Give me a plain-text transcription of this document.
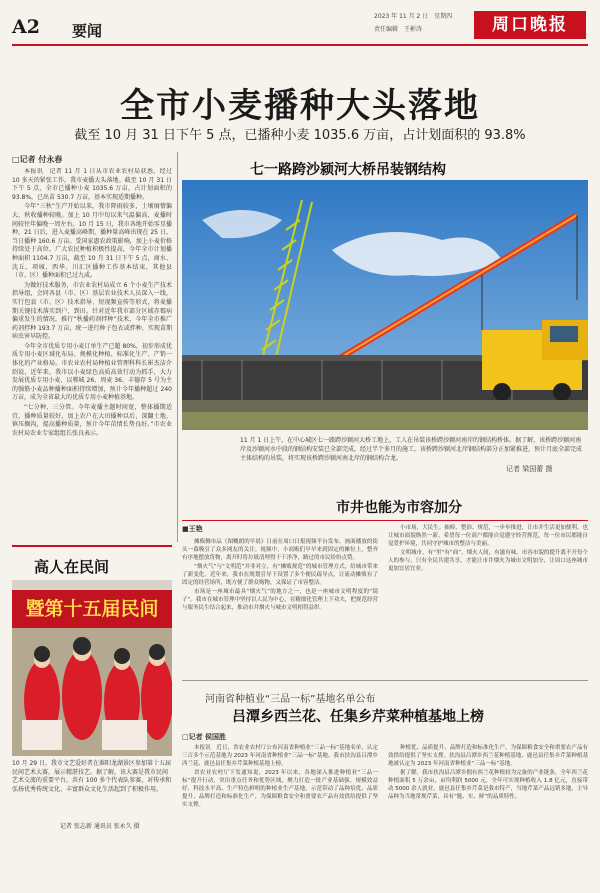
A2 要闻
2023 年 11 月 2 日　星期四
责任编辑　王彬涛	周口晚报
全市小麦播种大头落地
截至 10 月 31 日下午 5 点，已播种小麦 1035.6 万亩，占计划面积的 93.8%
□记者 付永春

本报讯　记者 11 月 1 日从市农业农村局获悉，经过 10 多天的紧张工作，我市麦播大头落地。截至 10 月 31 日下午 5 点，全市已播种小麦 1035.6 万亩，占计划面积的 93.8%，已出苗 530.7 万亩，基本实现适期播种。

今年“三秋”生产开始以来，我市降雨较多，土壤墒情偏大，秋收播种较晚。加上 10 月中旬以来气温偏高，麦播时间较往年偏晚一周左右。10 月 15 日，我市各地开始零星播种，21 日后，进入麦播高峰期，播种量高峰出现在 25 日，当日播种 160.6 万亩。受国家惠农政策影响，加上小麦价格持续处于高位，广大农民种植积极性提高，今年全市计划播种面积 1104.7 万亩，截至 10 月 31 日下午 5 点，商水、沈丘、项城、西华、川汇区播种工作基本结束，其他县（市、区）播种面积已过九成。

为做好技术服务，市农业农村局成立 6 个小麦生产技术指导组，会同各县（市、区）基层农业技术人员深入一线，实行包县（市、区）技术指导、短视频宣传等形式，将麦播期关键技术落实到户、到田。针对近年我市部分区域赤霉病偏重发生的情况，推行“秋播药剂拌种”技术，今年全市推广药剂拌种 193.7 万亩，统一进行种子包衣或拌种，实现苗期病虫害早防控。

今年全市优质专用小麦订单生产已超 80%，初步形成优质专用小麦区域化布局、规模化种植、标准化生产、产销一体化的产业格局。市农业农村局种植业管理科科长崔杰洁介绍说，近年来，我市以小麦绿色高质高效行动为抓手，大力发展优质专用小麦，以郸城 26、周麦 36、丰德存 5 号为主的强筋小麦品种播种面积持续增加，预计今年播种超过 240 万亩，成为全省最大的优质专用小麦种植基地。

“七分种，三分管。今年麦播主题时间宽，整体播期适宜，播种质量较好，加上农户在大田播种以后，深翻土地，镇压搁沟，提高播种质量，预计今年苗情长势良好。”市农业农村局农业专家组组长张良表示。

七一路跨沙颍河大桥吊装钢结构
11 月 1 日上午，在中心城区七一路跨沙颍河大桥工地上，工人在吊装该桥跨沙颍河南岸的钢结构桥体。据了解，该桥跨沙颍河南岸及沙颍河水中段的钢结构安装已全部完成，经过半个多月的施工，该桥跨沙颍河北岸钢结构部分正加紧推进，预计月底全部完成主体结构的吊装，将实现该桥跨沙颍河南北岸的钢结构合龙。
记者 梁国蕾 摄
高人在民间
暨第十五届民间
10 月 29 日，我市文艺爱好者在淮阳龙湖景区参加第十五届民间艺术大赛，展示精湛技艺。据了解，该大赛是我市民间艺术交流的重要平台，共有 100 多个代表队参赛，对传承和弘扬优秀传统文化、丰富群众文化生活起到了积极作用。
记者 张志新 通讯员 张永久 摄
市井也能为市容加分
■王艳

摊贩侧市品《图概朗的早晨》日前在周口日报视频平台发布，画面播放的街头一幕吸引了众多网友的关注。视频中，小商贩们早早来到固定的摊位上，整齐有序地摆放货物，离开时将垃圾清理得干干净净，路过的市民纷纷点赞。

“烟火气”与“文明范”并非对立，有“摊贩规范”的城市管理方式，给城市带来了新变化。近年来，我市在规划引导下设置了多个便民疏导点，让流动摊贩有了固定的经营场所，既方便了群众购物，又保证了市容整洁。

市场是一座城市最具“烟火气”的地方之一，也是一座城市文明程度的“镜子”。我市在城市管理中坚持以人民为中心，在精细化管理上下功夫，把规范经营与服务民生结合起来，推动市井烟火与城市文明相得益彰。

小市场，大民生。抽检、整治、规范，一步步推进，让市井生活更加便利，也让城市面貌焕然一新。希望每一位商户都能自觉遵守经营规范，每一位市民都能自觉爱护环境，共同守护城市的整洁与美丽。

文明城市，有“里”有“面”。烟火人间，有滋有味。市容市貌的提升离不开每个人的参与，只有全民共建共享，才能让市井烟火为城市文明加分，让周口这座城市更加宜居宜业。

河南省种植业“三品一标”基地名单公布
吕潭乡西兰花、任集乡芹菜种植基地上榜
□记者 侯国胜

本报讯　近日，省农业农村厅公布河南省种植业“三品一标”基地名单，认定三百多个示范基地为 2023 年河南省种植业“三品一标”基地。我市扶沟县吕潭乡西兰花、鹿邑县任集乡芹菜种植基地上榜。

省农业农村厅下发通知说，2023 年以来，各地深入推进种植业“三品一标”提升行动，突出重点任务和优势区域，聚力打造一批产业基础强、规模效益好、科技水平高、生产特色鲜明的种植业生产基地，示范带动了品种培优、品质提升、品牌打造和标准化生产，为保障粮食安全和重要农产品有效供给提供了坚实支撑。

种植优、品质提升、品牌打造和标准化生产，为保障粮食安全和重要农产品有效供给提供了坚实支撑。扶沟县吕潭乡西兰花种植基地、鹿邑县任集乡芹菜种植基地被认定为 2023 年河南省种植业“三品一标”基地。

据了解，我市扶沟县吕潭乡拥有西兰花种植较为完备的产业链条，全年西兰花种植面积 5 万余亩，亩均利润 5000 元，全年可实现种植收入 1.8 亿元，直接带动 5000 余人就业。鹿邑县任集乡芹菜是我市特产，当地芹菜产品远销多地，主导品种为当地常规芹菜，具有“脆、实、鲜”的品质特性。
